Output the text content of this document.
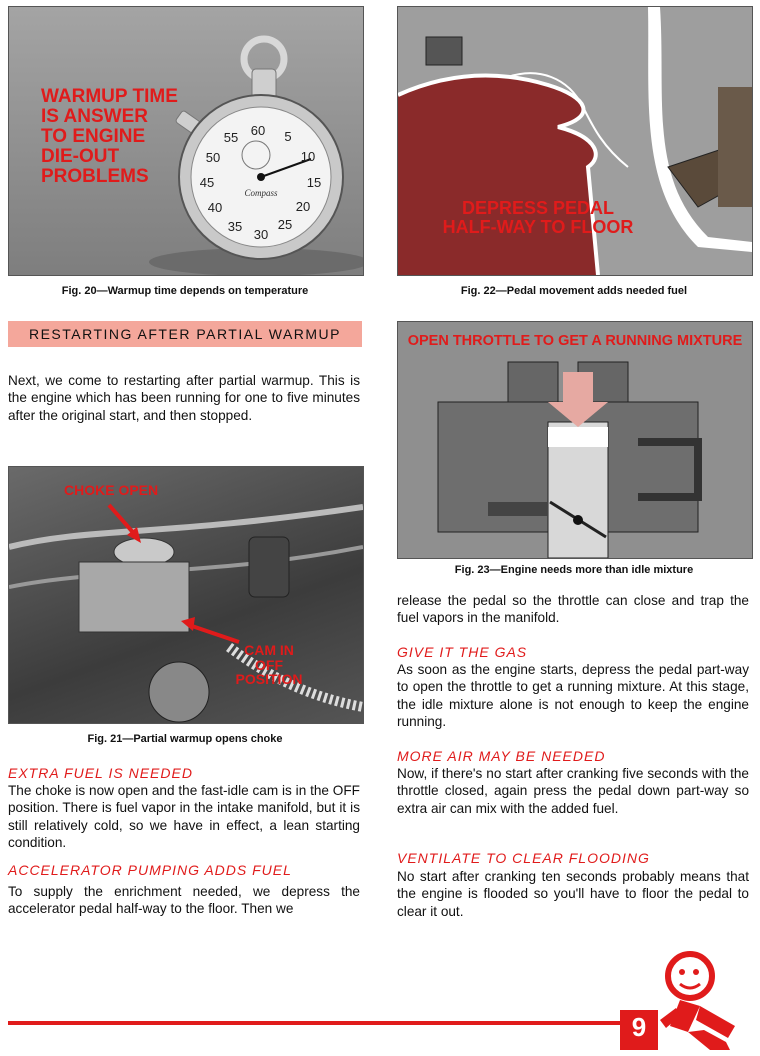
60 5
10
15
20
25
30
35
40
45
50
55
Compass
WARMUP TIME
IS ANSWER
TO ENGINE
DIE-OUT
PROBLEMS
Fig. 20—Warmup time depends on temperature
DEPRESS PEDAL
HALF-WAY TO FLOOR
Fig. 22—Pedal movement adds needed fuel
RESTARTING AFTER PARTIAL WARMUP
Next, we come to restarting after partial warmup. This is the engine which has been running for one to five minutes after the original start, and then stopped.
CHOKE OPEN
CAM IN
OFF
POSITION
Fig. 21—Partial warmup opens choke
OPEN THROTTLE TO GET A RUNNING MIXTURE
Fig. 23—Engine needs more than idle mixture
EXTRA FUEL IS NEEDED
The choke is now open and the fast-idle cam is in the OFF position. There is fuel vapor in the intake manifold, but it is still relatively cold, so we have in effect, a lean starting condition.
ACCELERATOR PUMPING ADDS FUEL
To supply the enrichment needed, we depress the accelerator pedal half-way to the floor. Then we
release the pedal so the throttle can close and trap the fuel vapors in the manifold.
GIVE IT THE GAS
As soon as the engine starts, depress the pedal part-way to open the throttle to get a running mixture. At this stage, the idle mixture alone is not enough to keep the engine running.
MORE AIR MAY BE NEEDED
Now, if there's no start after cranking five seconds with the throttle closed, again press the pedal down part-way so extra air can mix with the added fuel.
VENTILATE TO CLEAR FLOODING
No start after cranking ten seconds probably means that the engine is flooded so you'll have to floor the pedal to clear it out.
9
